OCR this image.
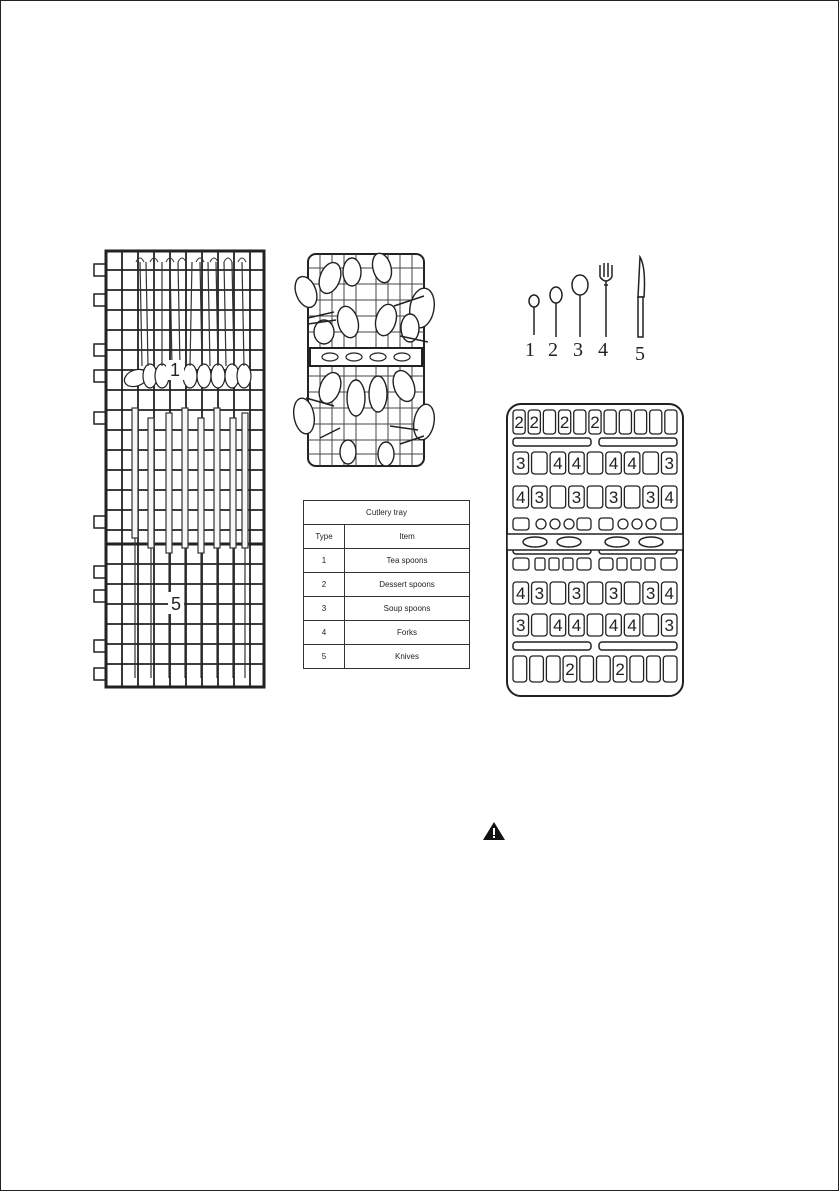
1
5
Cutlery tray	
Type	Item
1	Tea spoons
2	Dessert spoons
3	Soup spoons
4	Forks
5	Knives
1 2 3 4 5
2 2 2 2
3 4 4 4 4 3
4 3 3 3 3 4
4 3 3 3 3 4
3 4 4 4 4 3
2 2
